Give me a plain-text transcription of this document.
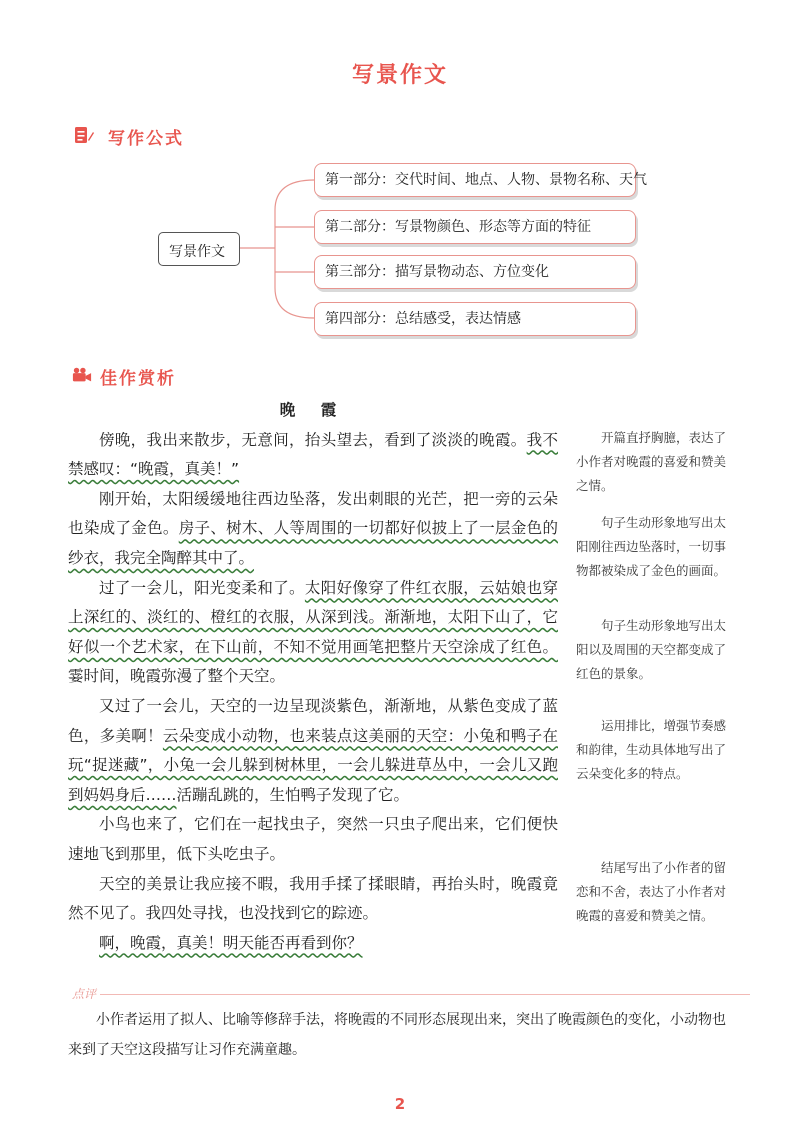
写景作文
写作公式
写景作文
第一部分：交代时间、地点、人物、景物名称、天气
第二部分：写景物颜色、形态等方面的特征
第三部分：描写景物动态、方位变化
第四部分：总结感受，表达情感
佳作赏析

晚 霞

傍晚，我出来散步，无意间，抬头望去，看到了淡淡的晚霞。我不禁感叹：“晚霞，真美！”

刚开始，太阳缓缓地往西边坠落，发出刺眼的光芒，把一旁的云朵也染成了金色。房子、树木、人等周围的一切都好似披上了一层金色的纱衣，我完全陶醉其中了。

过了一会儿，阳光变柔和了。太阳好像穿了件红衣服，云姑娘也穿上深红的、淡红的、橙红的衣服，从深到浅。渐渐地，太阳下山了，它好似一个艺术家，在下山前，不知不觉用画笔把整片天空涂成了红色。霎时间，晚霞弥漫了整个天空。

又过了一会儿，天空的一边呈现淡紫色，渐渐地，从紫色变成了蓝色，多美啊！云朵变成小动物，也来装点这美丽的天空：小兔和鸭子在玩“捉迷藏”，小兔一会儿躲到树林里，一会儿躲进草丛中，一会儿又跑到妈妈身后……活蹦乱跳的，生怕鸭子发现了它。

小鸟也来了，它们在一起找虫子，突然一只虫子爬出来，它们便快速地飞到那里，低下头吃虫子。

天空的美景让我应接不暇，我用手揉了揉眼睛，再抬头时，晚霞竟然不见了。我四处寻找，也没找到它的踪迹。

啊，晚霞，真美！明天能否再看到你？

开篇直抒胸臆，表达了小作者对晚霞的喜爱和赞美之情。
句子生动形象地写出太阳刚往西边坠落时，一切事物都被染成了金色的画面。
句子生动形象地写出太阳以及周围的天空都变成了红色的景象。
运用排比，增强节奏感和韵律，生动具体地写出了云朵变化多的特点。
结尾写出了小作者的留恋和不舍，表达了小作者对晚霞的喜爱和赞美之情。
点评
小作者运用了拟人、比喻等修辞手法，将晚霞的不同形态展现出来，突出了晚霞颜色的变化，小动物也来到了天空这段描写让习作充满童趣。
2
